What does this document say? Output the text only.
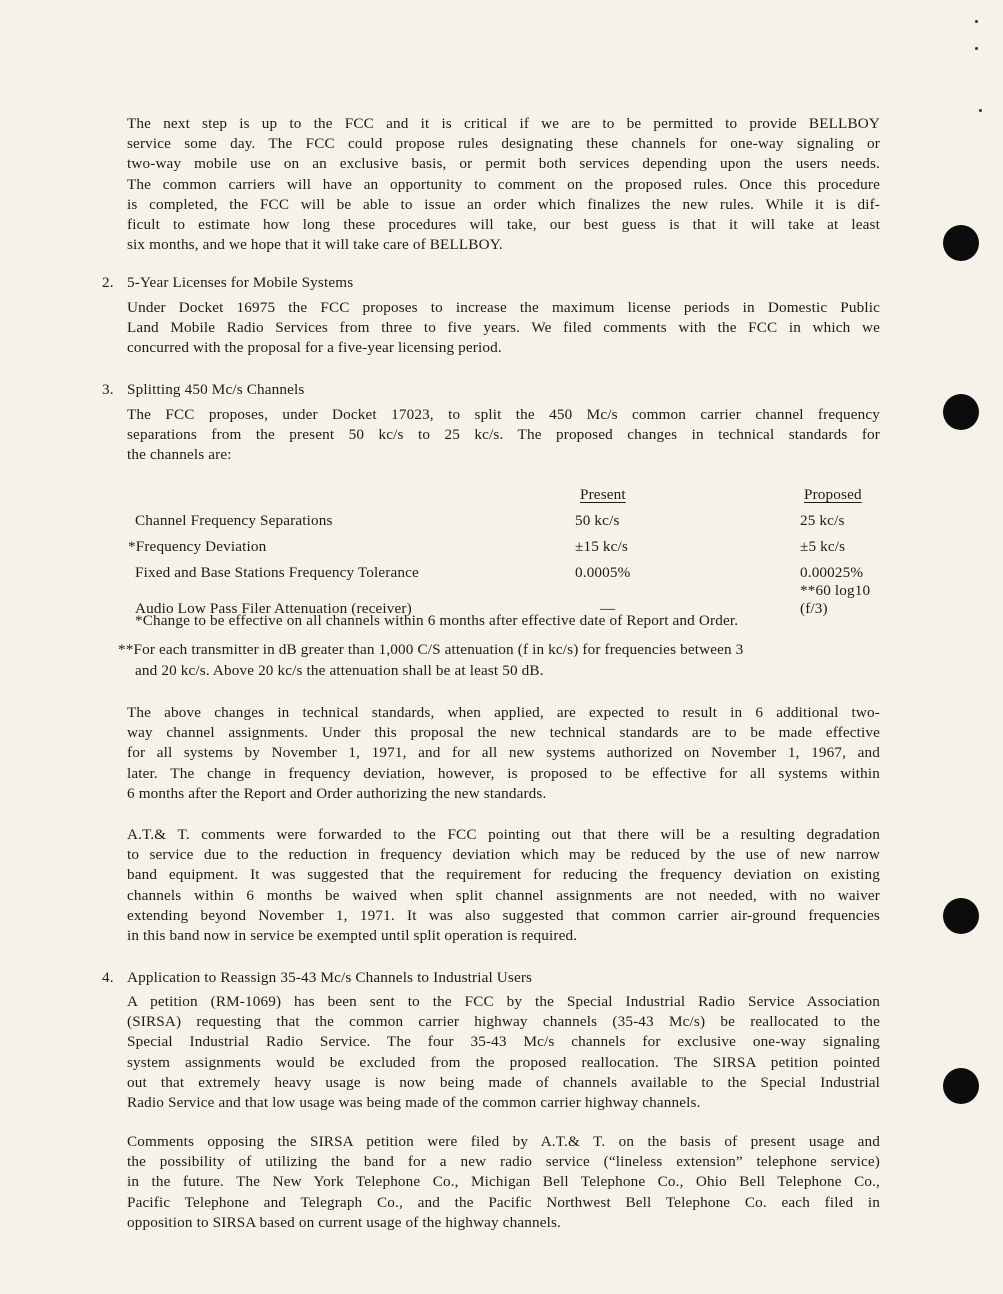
The next step is up to the FCC and it is critical if we are to be permitted to provide BELLBOY
service some day. The FCC could propose rules designating these channels for one-way signaling or
two-way mobile use on an exclusive basis, or permit both services depending upon the users needs.
The common carriers will have an opportunity to comment on the proposed rules. Once this procedure
is completed, the FCC will be able to issue an order which finalizes the new rules. While it is dif-
ficult to estimate how long these procedures will take, our best guess is that it will take at least
six months, and we hope that it will take care of BELLBOY.
2. 5-Year Licenses for Mobile Systems
Under Docket 16975 the FCC proposes to increase the maximum license periods in Domestic Public
Land Mobile Radio Services from three to five years. We filed comments with the FCC in which we
concurred with the proposal for a five-year licensing period.
3. Splitting 450 Mc/s Channels
The FCC proposes, under Docket 17023, to split the 450 Mc/s common carrier channel frequency
separations from the present 50 kc/s to 25 kc/s. The proposed changes in technical standards for
the channels are:
	Present	Proposed
Channel Frequency Separations	50 kc/s	25 kc/s
*Frequency Deviation	±15 kc/s	±5 kc/s
Fixed and Base Stations Frequency Tolerance	0.0005%	0.00025%
Audio Low Pass Filer Attenuation (receiver)	—	**60 log10 (f/3)
*Change to be effective on all channels within 6 months after effective date of Report and Order.
**For each transmitter in dB greater than 1,000 C/S attenuation (f in kc/s) for frequencies between 3
and 20 kc/s. Above 20 kc/s the attenuation shall be at least 50 dB.
The above changes in technical standards, when applied, are expected to result in 6 additional two-
way channel assignments. Under this proposal the new technical standards are to be made effective
for all systems by November 1, 1971, and for all new systems authorized on November 1, 1967, and
later. The change in frequency deviation, however, is proposed to be effective for all systems within
6 months after the Report and Order authorizing the new standards.
A.T.& T. comments were forwarded to the FCC pointing out that there will be a resulting degradation
to service due to the reduction in frequency deviation which may be reduced by the use of new narrow
band equipment. It was suggested that the requirement for reducing the frequency deviation on existing
channels within 6 months be waived when split channel assignments are not needed, with no waiver
extending beyond November 1, 1971. It was also suggested that common carrier air-ground frequencies
in this band now in service be exempted until split operation is required.
4. Application to Reassign 35-43 Mc/s Channels to Industrial Users
A petition (RM-1069) has been sent to the FCC by the Special Industrial Radio Service Association
(SIRSA) requesting that the common carrier highway channels (35-43 Mc/s) be reallocated to the
Special Industrial Radio Service. The four 35-43 Mc/s channels for exclusive one-way signaling
system assignments would be excluded from the proposed reallocation. The SIRSA petition pointed
out that extremely heavy usage is now being made of channels available to the Special Industrial
Radio Service and that low usage was being made of the common carrier highway channels.
Comments opposing the SIRSA petition were filed by A.T.& T. on the basis of present usage and
the possibility of utilizing the band for a new radio service (“lineless extension” telephone service)
in the future. The New York Telephone Co., Michigan Bell Telephone Co., Ohio Bell Telephone Co.,
Pacific Telephone and Telegraph Co., and the Pacific Northwest Bell Telephone Co. each filed in
opposition to SIRSA based on current usage of the highway channels.
